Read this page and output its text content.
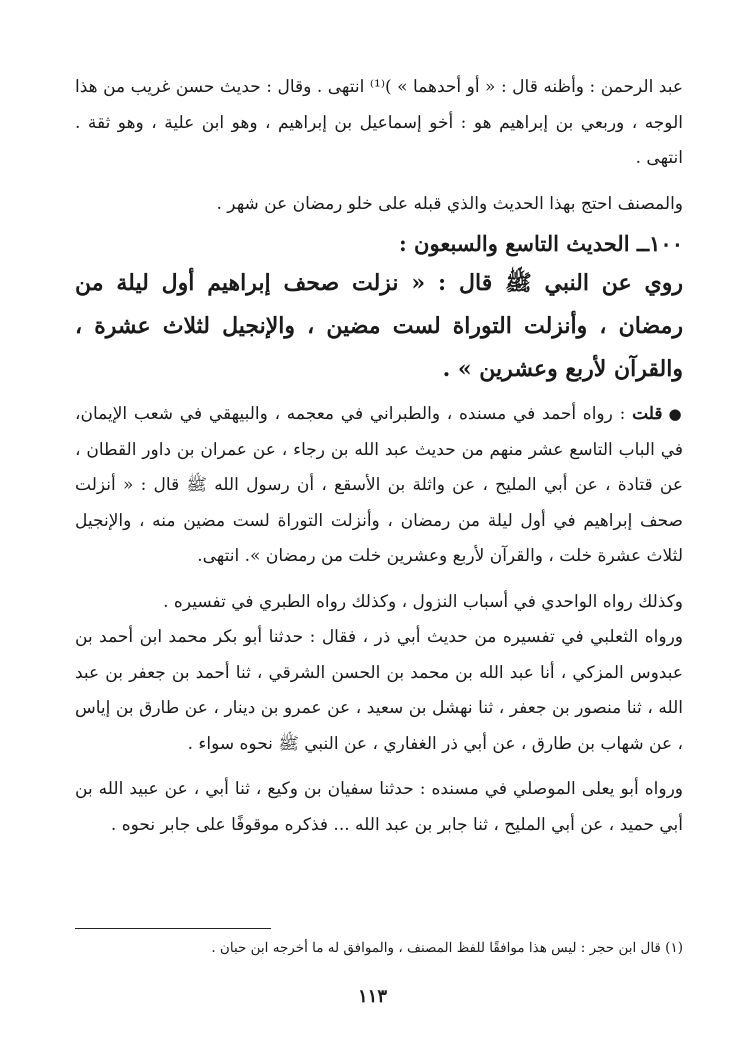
عبد الرحمن : وأظنه قال : « أو أحدهما » )⁽¹⁾ انتهى . وقال : حديث حسن غريب من هذا الوجه ، وربعي بن إبراهيم هو : أخو إسماعيل بن إبراهيم ، وهو ابن علية ، وهو ثقة . انتهى .

والمصنف احتج بهذا الحديث والذي قبله على خلو رمضان عن شهر .

١٠٠ــ الحديث التاسع والسبعون :

روي عن النبي ﷺ قال : « نزلت صحف إبراهيم أول ليلة من رمضان ، وأنزلت التوراة لست مضين ، والإنجيل لثلاث عشرة ، والقرآن لأربع وعشرين » .

●قلت : رواه أحمد في مسنده ، والطبراني في معجمه ، والبيهقي في شعب الإيمان، في الباب التاسع عشر منهم من حديث عبد الله بن رجاء ، عن عمران بن داور القطان ، عن قتادة ، عن أبي المليح ، عن واثلة بن الأسقع ، أن رسول الله ﷺ قال : « أنزلت صحف إبراهيم في أول ليلة من رمضان ، وأنزلت التوراة لست مضين منه ، والإنجيل لثلاث عشرة خلت ، والقرآن لأربع وعشرين خلت من رمضان ». انتهى.

وكذلك رواه الواحدي في أسباب النزول ، وكذلك رواه الطبري في تفسيره .

ورواه الثعلبي في تفسيره من حديث أبي ذر ، فقال : حدثنا أبو بكر محمد ابن أحمد بن عبدوس المزكي ، أنا عبد الله بن محمد بن الحسن الشرقي ، ثنا أحمد بن جعفر بن عبد الله ، ثنا منصور بن جعفر ، ثنا نهشل بن سعيد ، عن عمرو بن دينار ، عن طارق بن إياس ، عن شهاب بن طارق ، عن أبي ذر الغفاري ، عن النبي ﷺ نحوه سواء .

ورواه أبو يعلى الموصلي في مسنده : حدثنا سفيان بن وكيع ، ثنا أبي ، عن عبيد الله بن أبي حميد ، عن أبي المليح ، ثنا جابر بن عبد الله ... فذكره موقوفًا على جابر نحوه .

(١) قال ابن حجر : ليس هذا موافقًا للفظ المصنف ، والموافق له ما أخرجه ابن حبان .
١١٣
